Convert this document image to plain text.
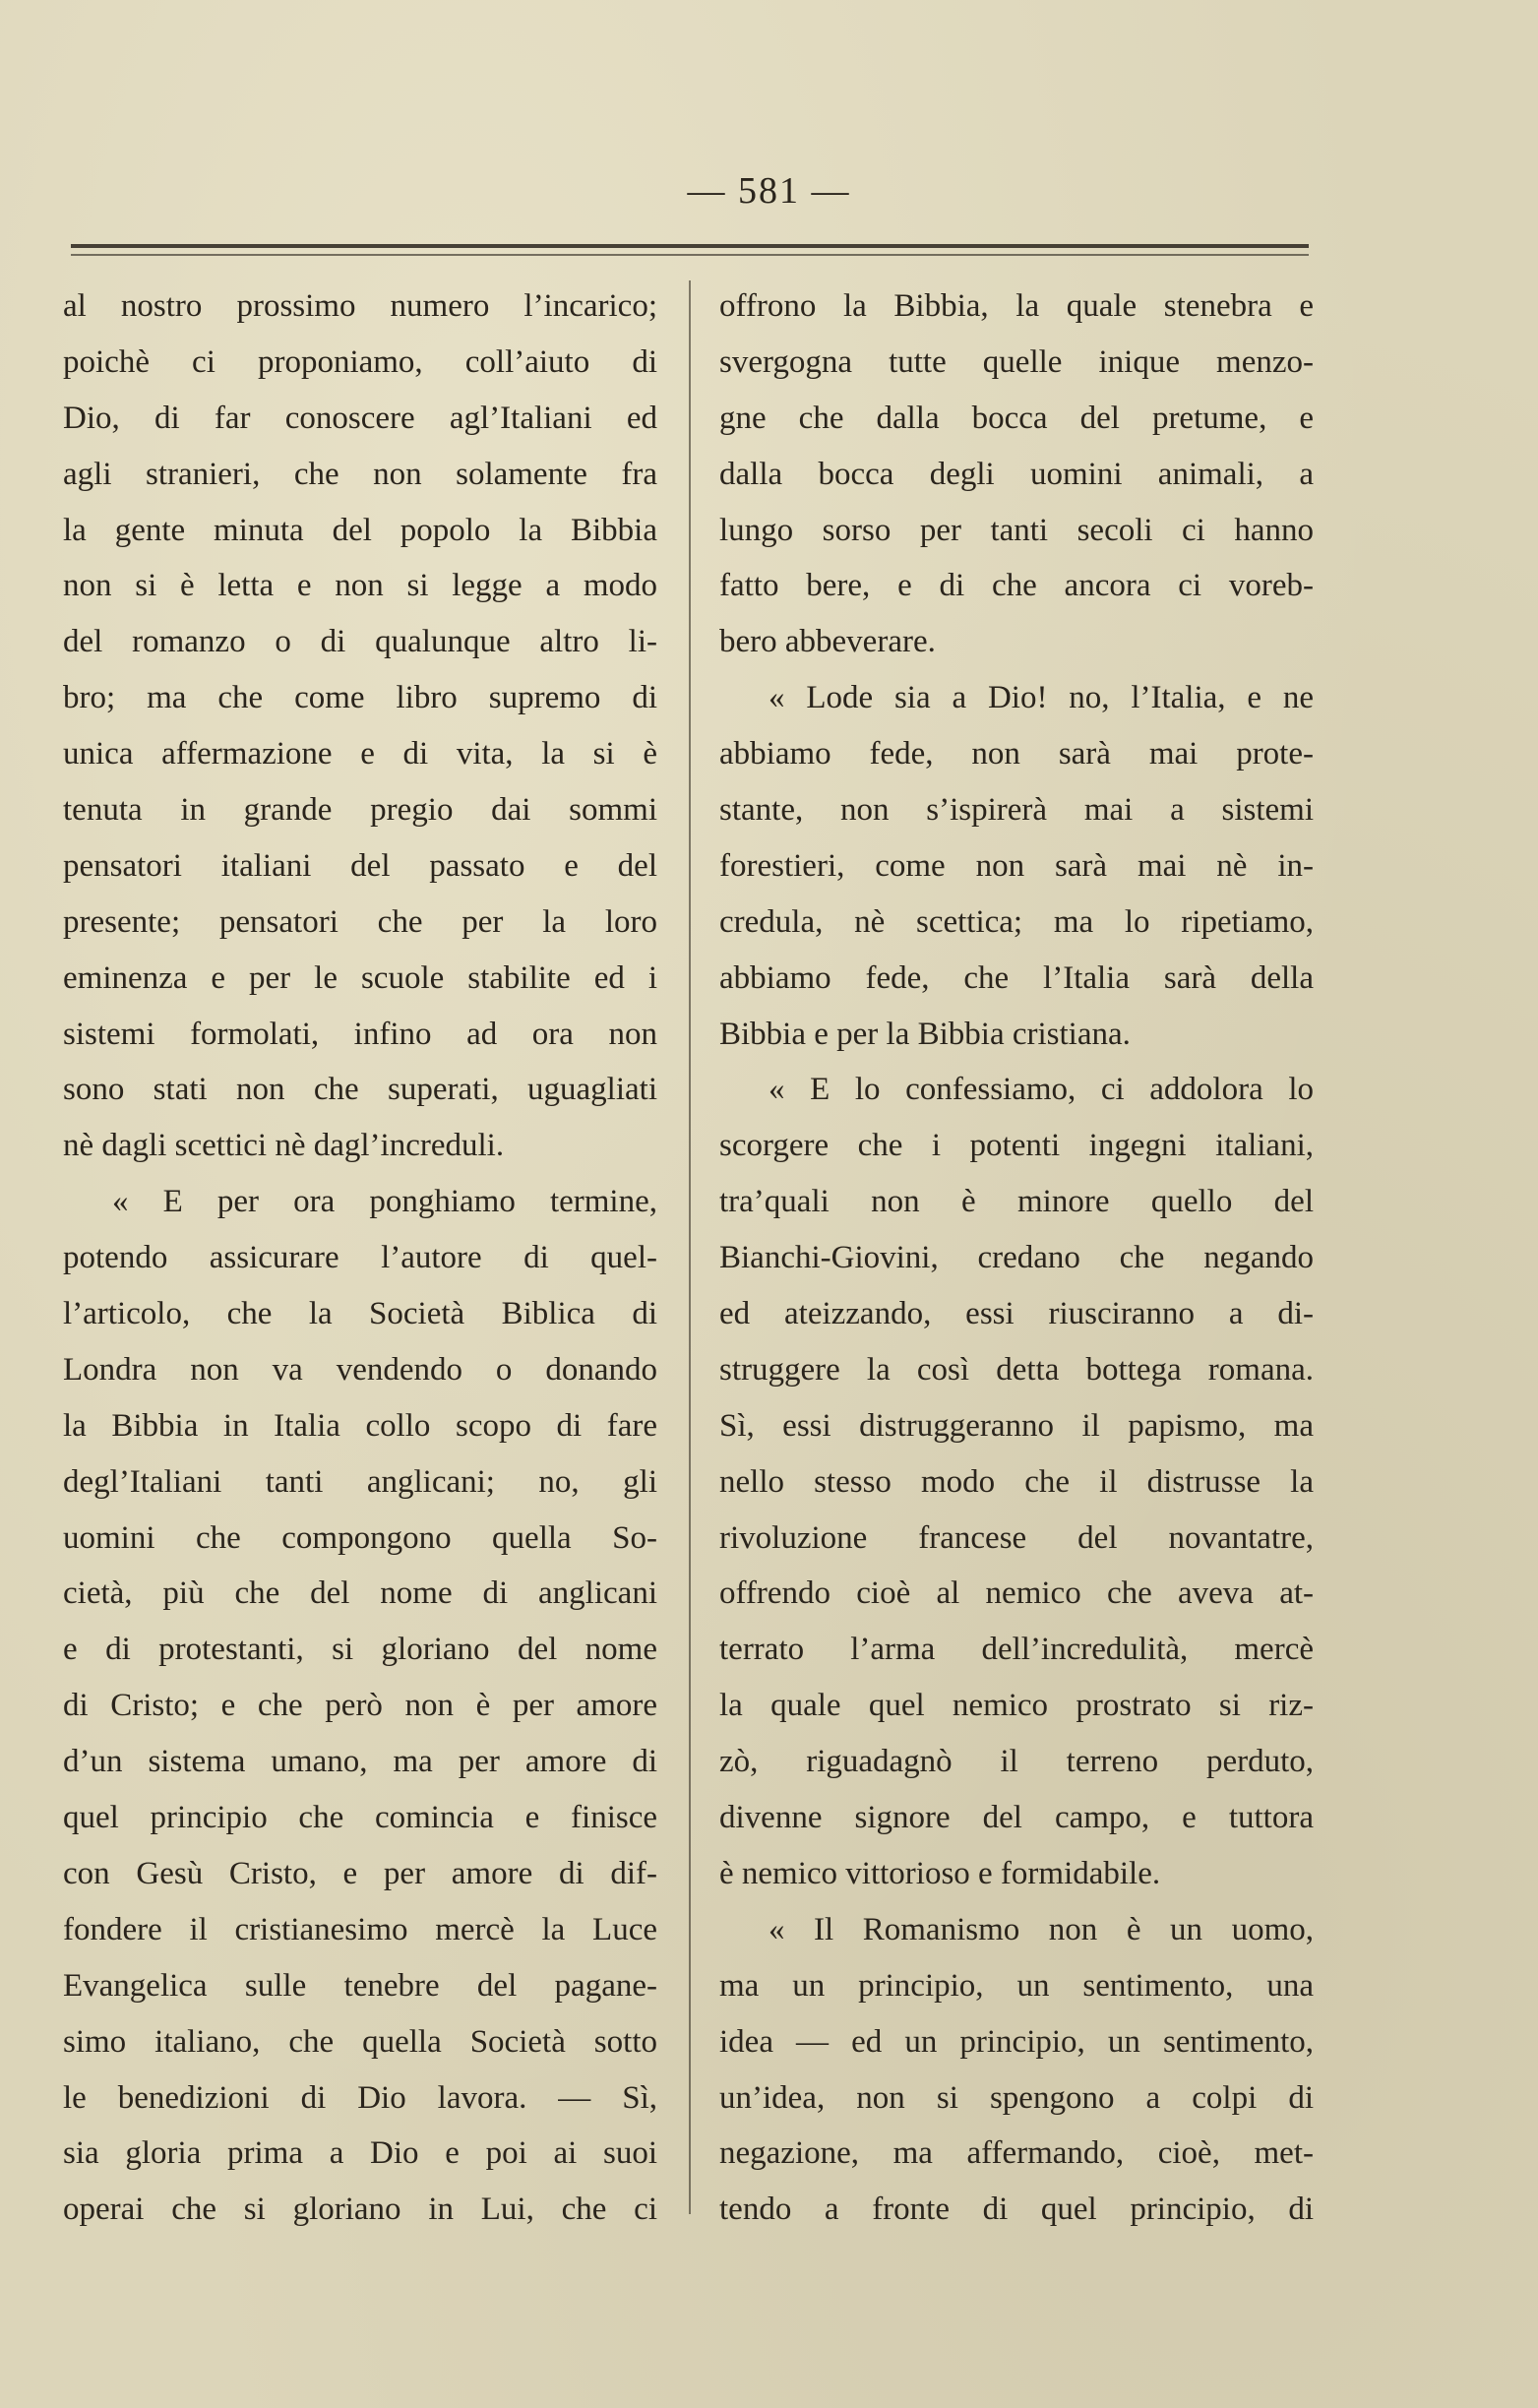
— 581 —
al nostro prossimo numero l’incarico;
poichè ci proponiamo, coll’aiuto di
Dio, di far conoscere agl’Italiani ed
agli stranieri, che non solamente fra
la gente minuta del popolo la Bibbia
non si è letta e non si legge a modo
del romanzo o di qualunque altro li-
bro; ma che come libro supremo di
unica affermazione e di vita, la si è
tenuta in grande pregio dai sommi
pensatori italiani del passato e del
presente; pensatori che per la loro
eminenza e per le scuole stabilite ed i
sistemi formolati, infino ad ora non
sono stati non che superati, uguagliati
nè dagli scettici nè dagl’increduli.
« E per ora ponghiamo termine,
potendo assicurare l’autore di quel-
l’articolo, che la Società Biblica di
Londra non va vendendo o donando
la Bibbia in Italia collo scopo di fare
degl’Italiani tanti anglicani; no, gli
uomini che compongono quella So-
cietà, più che del nome di anglicani
e di protestanti, si gloriano del nome
di Cristo; e che però non è per amore
d’un sistema umano, ma per amore di
quel principio che comincia e finisce
con Gesù Cristo, e per amore di dif-
fondere il cristianesimo mercè la Luce
Evangelica sulle tenebre del pagane-
simo italiano, che quella Società sotto
le benedizioni di Dio lavora. — Sì,
sia gloria prima a Dio e poi ai suoi
operai che si gloriano in Lui, che ci
offrono la Bibbia, la quale stenebra e
svergogna tutte quelle inique menzo-
gne che dalla bocca del pretume, e
dalla bocca degli uomini animali, a
lungo sorso per tanti secoli ci hanno
fatto bere, e di che ancora ci voreb-
bero abbeverare.
« Lode sia a Dio! no, l’Italia, e ne
abbiamo fede, non sarà mai prote-
stante, non s’ispirerà mai a sistemi
forestieri, come non sarà mai nè in-
credula, nè scettica; ma lo ripetiamo,
abbiamo fede, che l’Italia sarà della
Bibbia e per la Bibbia cristiana.
« E lo confessiamo, ci addolora lo
scorgere che i potenti ingegni italiani,
tra’quali non è minore quello del
Bianchi-Giovini, credano che negando
ed ateizzando, essi riusciranno a di-
struggere la così detta bottega romana.
Sì, essi distruggeranno il papismo, ma
nello stesso modo che il distrusse la
rivoluzione francese del novantatre,
offrendo cioè al nemico che aveva at-
terrato l’arma dell’incredulità, mercè
la quale quel nemico prostrato si riz-
zò, riguadagnò il terreno perduto,
divenne signore del campo, e tuttora
è nemico vittorioso e formidabile.
« Il Romanismo non è un uomo,
ma un principio, un sentimento, una
idea — ed un principio, un sentimento,
un’idea, non si spengono a colpi di
negazione, ma affermando, cioè, met-
tendo a fronte di quel principio, di
